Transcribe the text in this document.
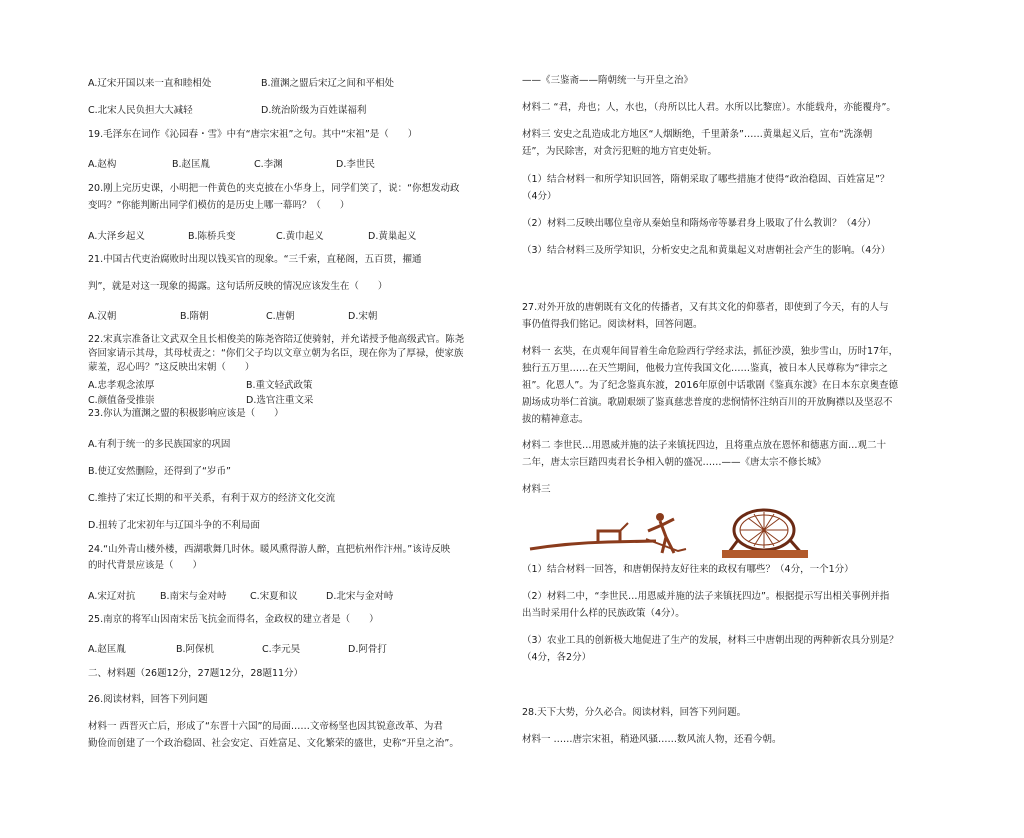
A.辽宋开国以来一直和睦相处	B.澶渊之盟后宋辽之间和平相处
C.北宋人民负担大大减轻	D.统治阶级为百姓谋福利
19.毛泽东在词作《沁园春・雪》中有“唐宗宋祖”之句。其中“宋祖”是（　　）
A.赵构	B.赵匡胤	C.李渊	D.李世民
20.刚上完历史课，小明把一件黄色的夹克披在小华身上，同学们笑了，说：“你想发动政
变吗？”你能判断出同学们模仿的是历史上哪一幕吗？（　　）
A.大泽乡起义	B.陈桥兵变	C.黄巾起义	D.黄巢起义
21.中国古代吏治腐败时出现以钱买官的现象。“三千索，直秘阁，五百贯，擢通
判”，就是对这一现象的揭露。这句话所反映的情况应该发生在（　　）
A.汉朝	B.隋朝	C.唐朝	D.宋朝
22.宋真宗准备让文武双全且长相俊美的陈尧咨陪辽使骑射，并允诺授予他高级武官。陈尧
咨回家请示其母，其母杖责之：“你们父子均以文章立朝为名臣，现在你为了厚禄，使家族
蒙羞，忍心吗？”这反映出宋朝（　　）
A.忠孝观念浓厚	B.重文轻武政策
C.颜值备受推崇	D.选官注重文采
23.你认为澶渊之盟的积极影响应该是（　　）
A.有利于统一的多民族国家的巩固
B.使辽安然删险，还得到了“岁币”
C.维持了宋辽长期的和平关系，有利于双方的经济文化交流
D.扭转了北宋初年与辽国斗争的不利局面
24.“山外青山楼外楼，西湖歌舞几时休。暖风熏得游人醉，直把杭州作汴州。”该诗反映
的时代背景应该是（　　）
A.宋辽对抗	B.南宋与金对峙 C.宋夏和议	D.北宋与金对峙
25.南京的将军山因南宋岳飞抗金而得名，金政权的建立者是（　　）
A.赵匡胤	B.阿保机	C.李元昊	D.阿骨打
二、材料题（26题12分，27题12分，28题11分）
26.阅读材料，回答下列问题
材料一 西晋灭亡后，形成了“东晋十六国”的局面……文帝杨坚也因其锐意改革、为君
勤俭而创建了一个政治稳固、社会安定、百姓富足、文化繁荣的盛世，史称“开皇之治”。
——《三鉴斋——隋朝统一与开皇之治》
材料二 “君，舟也；人，水也，（舟所以比人君。水所以比黎庶）。水能载舟，亦能覆舟”。
材料三 安史之乱造成北方地区“人烟断绝，千里萧条”……黄巢起义后，宣布“洗涤朝
廷”，为民除害，对贪污犯赃的地方官吏处斩。
（1）结合材料一和所学知识回答，隋朝采取了哪些措施才使得“政治稳固、百姓富足”？
（4分）
（2）材料二反映出哪位皇帝从秦始皇和隋炀帝等暴君身上吸取了什么教训？（4分）
（3）结合材料三及所学知识，分析安史之乱和黄巢起义对唐朝社会产生的影响。（4分）
27.对外开放的唐朝既有文化的传播者，又有其文化的仰慕者，即使到了今天，有的人与
事仍值得我们铭记。阅读材料，回答问题。
材料一 玄奘，在贞观年间冒着生命危险西行学经求法，抓征沙漠，独步雪山，历时17年，
独行五万里……在天竺期间，他极力宣传我国文化……鉴真，被日本人民尊称为“律宗之
祖”。化恩人”。为了纪念鉴真东渡，2016年原创中话歌剧《鉴真东渡》在日本东京奥查德
剧场成功举仁首演。歌剧艰颂了鉴真慈悲普度的悲悯情怀注纳百川的开放胸襟以及坚忍不
拔的精神意志。
材料二 李世民…用恩威并施的法子来镇抚四边，且将重点放在恩怀和德惠方面…观二十
二年，唐太宗巨踏四夷君长争相入朝的盛况……——《唐太宗不修长城》
材料三
（1）结合材料一回答，和唐朝保持友好往来的政权有哪些？（4分，一个1分）
（2）材料二中，“李世民…用恩威并施的法子来镇抚四边”。根据提示写出相关事例并指
出当时采用什么样的民族政策（4分）。
（3）农业工具的创新极大地促进了生产的发展，材料三中唐朝出现的两种新农具分别是？
（4分，各2分）
28.天下大势，分久必合。阅读材料，回答下列问题。
材料一 ……唐宗宋祖，稍逊风骚……数风流人物，还看今朝。
